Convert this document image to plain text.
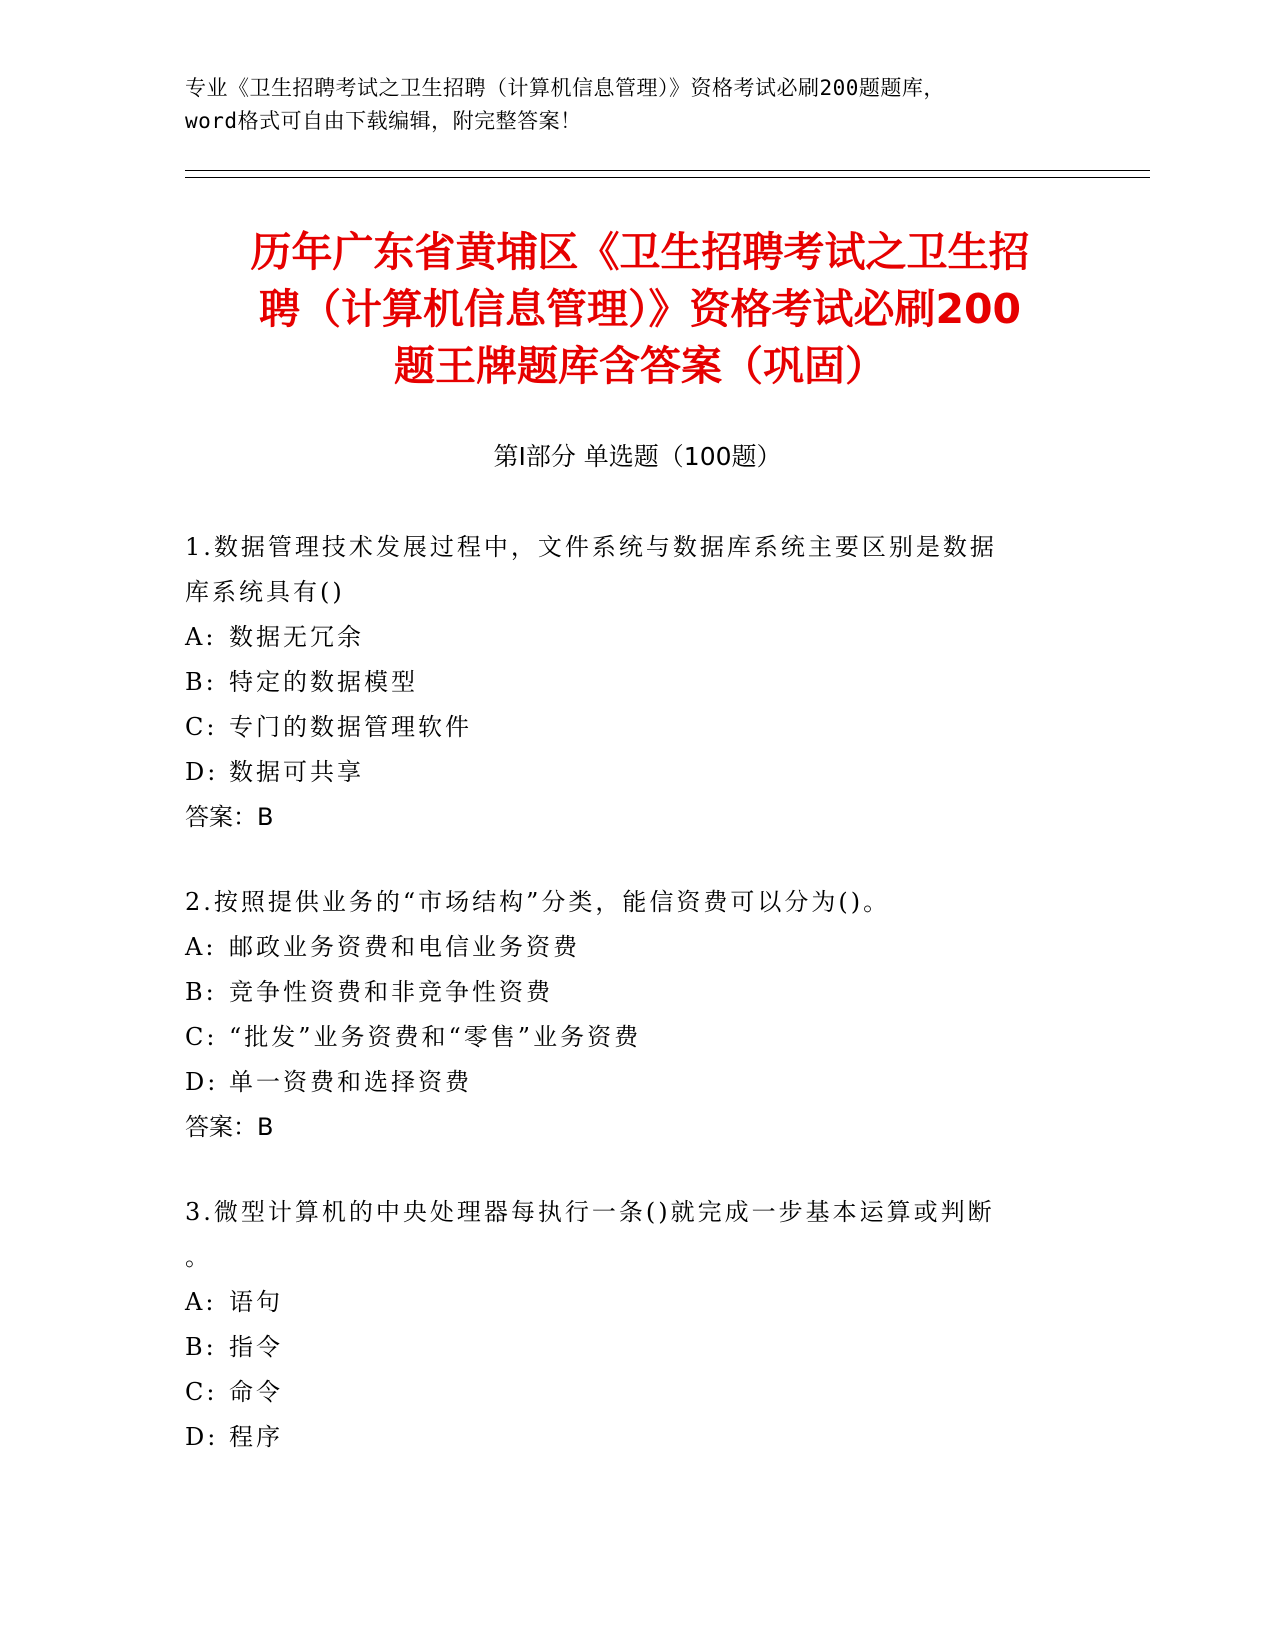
专业《卫生招聘考试之卫生招聘（计算机信息管理）》资格考试必刷200题题库，
word格式可自由下载编辑，附完整答案！
历年广东省黄埔区《卫生招聘考试之卫生招
聘（计算机信息管理）》资格考试必刷200
题王牌题库含答案（巩固）
第I部分 单选题（100题）
1.数据管理技术发展过程中，文件系统与数据库系统主要区别是数据
库系统具有()
A: 数据无冗余
B: 特定的数据模型
C: 专门的数据管理软件
D: 数据可共享
答案：B
2.按照提供业务的“市场结构”分类，能信资费可以分为()。
A: 邮政业务资费和电信业务资费
B: 竞争性资费和非竞争性资费
C: “批发”业务资费和“零售”业务资费
D: 单一资费和选择资费
答案：B
3.微型计算机的中央处理器每执行一条()就完成一步基本运算或判断
。
A: 语句
B: 指令
C: 命令
D: 程序
